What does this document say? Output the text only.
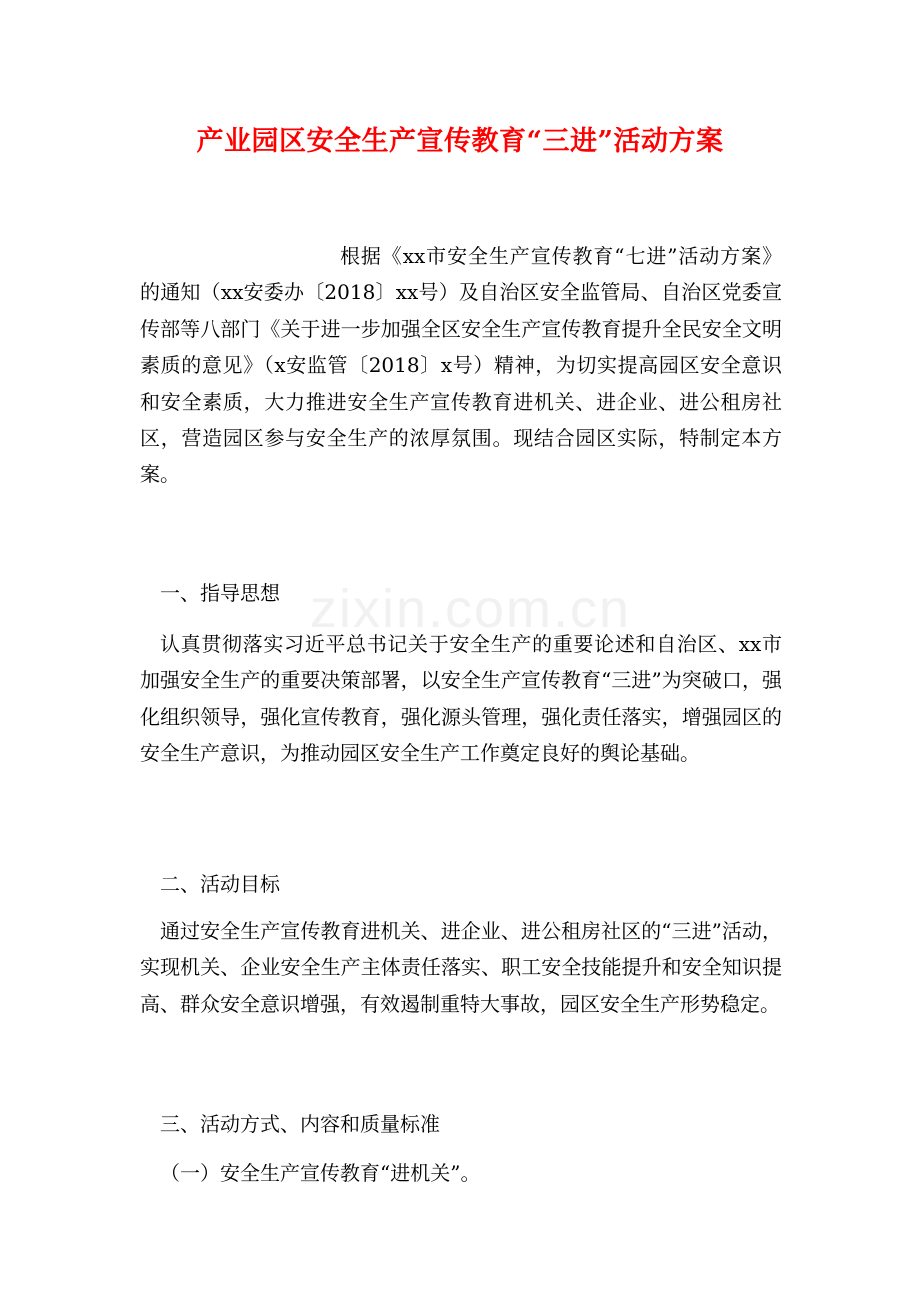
zixin.com.cn
产业园区安全生产宣传教育“三进”活动方案

根据《xx市安全生产宣传教育“七进”活动方案》的通知（xx安委办〔2018〕xx号）及自治区安全监管局、自治区党委宣传部等八部门《关于进一步加强全区安全生产宣传教育提升全民安全文明素质的意见》（x安监管〔2018〕x号）精神，为切实提高园区安全意识和安全素质，大力推进安全生产宣传教育进机关、进企业、进公租房社区，营造园区参与安全生产的浓厚氛围。现结合园区实际，特制定本方案。

一、指导思想

认真贯彻落实习近平总书记关于安全生产的重要论述和自治区、xx市加强安全生产的重要决策部署，以安全生产宣传教育“三进”为突破口，强化组织领导，强化宣传教育，强化源头管理，强化责任落实，增强园区的安全生产意识，为推动园区安全生产工作奠定良好的舆论基础。

二、活动目标

通过安全生产宣传教育进机关、进企业、进公租房社区的“三进”活动，实现机关、企业安全生产主体责任落实、职工安全技能提升和安全知识提高、群众安全意识增强，有效遏制重特大事故，园区安全生产形势稳定。

三、活动方式、内容和质量标准
（一）安全生产宣传教育“进机关”。
